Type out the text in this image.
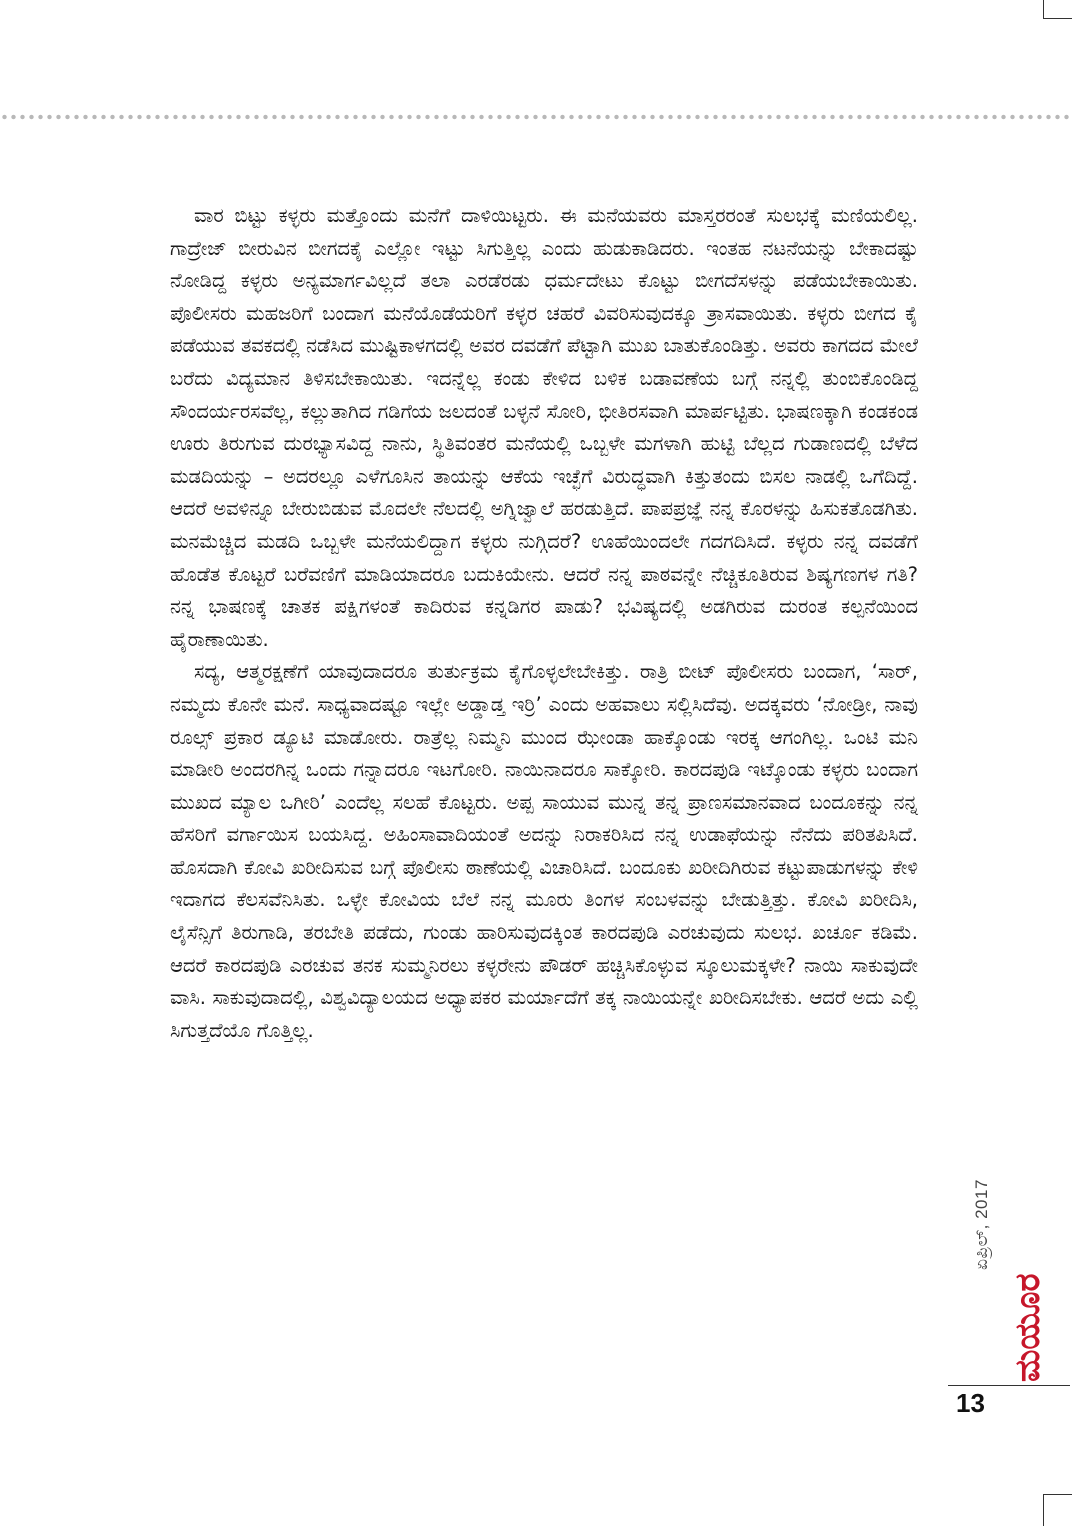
ವಾರ ಬಿಟ್ಟು ಕಳ್ಳರು ಮತ್ತೊಂದು ಮನೆಗೆ ದಾಳಿಯಿಟ್ಟರು. ಈ ಮನೆಯವರು ಮಾಸ್ತರರಂತೆ ಸುಲಭಕ್ಕೆ ಮಣಿಯಲಿಲ್ಲ. ಗಾದ್ರೇಜ್ ಬೀರುವಿನ ಬೀಗದಕೈ ಎಲ್ಲೋ ಇಟ್ಟು ಸಿಗುತ್ತಿಲ್ಲ ಎಂದು ಹುಡುಕಾಡಿದರು. ಇಂತಹ ನಟನೆಯನ್ನು ಬೇಕಾದಷ್ಟು ನೋಡಿದ್ದ ಕಳ್ಳರು ಅನ್ಯಮಾರ್ಗವಿಲ್ಲದೆ ತಲಾ ಎರಡೆರಡು ಧರ್ಮದೇಟು ಕೊಟ್ಟು ಬೀಗದೆಸಳನ್ನು ಪಡೆಯಬೇಕಾಯಿತು. ಪೊಲೀಸರು ಮಹಜರಿಗೆ ಬಂದಾಗ ಮನೆಯೊಡೆಯರಿಗೆ ಕಳ್ಳರ ಚಹರೆ ವಿವರಿಸುವುದಕ್ಕೂ ತ್ರಾಸವಾಯಿತು. ಕಳ್ಳರು ಬೀಗದ ಕೈ ಪಡೆಯುವ ತವಕದಲ್ಲಿ ನಡೆಸಿದ ಮುಷ್ಟಿಕಾಳಗದಲ್ಲಿ ಅವರ ದವಡೆಗೆ ಪೆಟ್ಟಾಗಿ ಮುಖ ಬಾತುಕೊಂಡಿತ್ತು. ಅವರು ಕಾಗದದ ಮೇಲೆ ಬರೆದು ವಿದ್ಯಮಾನ ತಿಳಿಸಬೇಕಾಯಿತು. ಇದನ್ನೆಲ್ಲ ಕಂಡು ಕೇಳಿದ ಬಳಿಕ ಬಡಾವಣೆಯ ಬಗ್ಗೆ ನನ್ನಲ್ಲಿ ತುಂಬಿಕೊಂಡಿದ್ದ ಸೌಂದರ್ಯರಸವೆಲ್ಲ, ಕಲ್ಲುತಾಗಿದ ಗಡಿಗೆಯ ಜಲದಂತೆ ಬಳ್ಳನೆ ಸೋರಿ, ಭೀತಿರಸವಾಗಿ ಮಾರ್ಪಟ್ಟಿತು. ಭಾಷಣಕ್ಕಾಗಿ ಕಂಡಕಂಡ ಊರು ತಿರುಗುವ ದುರಭ್ಯಾಸವಿದ್ದ ನಾನು, ಸ್ಥಿತಿವಂತರ ಮನೆಯಲ್ಲಿ ಒಬ್ಬಳೇ ಮಗಳಾಗಿ ಹುಟ್ಟಿ ಬೆಲ್ಲದ ಗುಡಾಣದಲ್ಲಿ ಬೆಳೆದ ಮಡದಿಯನ್ನು – ಅದರಲ್ಲೂ ಎಳೆಗೂಸಿನ ತಾಯನ್ನು ಆಕೆಯ ಇಚ್ಛೆಗೆ ವಿರುದ್ಧವಾಗಿ ಕಿತ್ತುತಂದು ಬಿಸಲ ನಾಡಲ್ಲಿ ಒಗೆದಿದ್ದೆ. ಆದರೆ ಅವಳಿನ್ನೂ ಬೇರುಬಿಡುವ ಮೊದಲೇ ನೆಲದಲ್ಲಿ ಅಗ್ನಿಜ್ವಾಲೆ ಹರಡುತ್ತಿದೆ. ಪಾಪಪ್ರಜ್ಞೆ ನನ್ನ ಕೊರಳನ್ನು ಹಿಸುಕತೊಡಗಿತು. ಮನಮೆಚ್ಚಿದ ಮಡದಿ ಒಬ್ಬಳೇ ಮನೆಯಲಿದ್ದಾಗ ಕಳ್ಳರು ನುಗ್ಗಿದರೆ? ಊಹೆಯಿಂದಲೇ ಗದಗದಿಸಿದೆ. ಕಳ್ಳರು ನನ್ನ ದವಡೆಗೆ ಹೊಡೆತ ಕೊಟ್ಟರೆ ಬರೆವಣಿಗೆ ಮಾಡಿಯಾದರೂ ಬದುಕಿಯೇನು. ಆದರೆ ನನ್ನ ಪಾಠವನ್ನೇ ನೆಚ್ಚಿಕೂತಿರುವ ಶಿಷ್ಯಗಣಗಳ ಗತಿ? ನನ್ನ ಭಾಷಣಕ್ಕೆ ಚಾತಕ ಪಕ್ಷಿಗಳಂತೆ ಕಾದಿರುವ ಕನ್ನಡಿಗರ ಪಾಡು? ಭವಿಷ್ಯದಲ್ಲಿ ಅಡಗಿರುವ ದುರಂತ ಕಲ್ಪನೆಯಿಂದ ಹೈರಾಣಾಯಿತು.

ಸದ್ಯ, ಆತ್ಮರಕ್ಷಣೆಗೆ ಯಾವುದಾದರೂ ತುರ್ತುಕ್ರಮ ಕೈಗೊಳ್ಳಲೇಬೇಕಿತ್ತು. ರಾತ್ರಿ ಬೀಟ್ ಪೊಲೀಸರು ಬಂದಾಗ, ‘ಸಾರ್, ನಮ್ಮದು ಕೊನೇ ಮನೆ. ಸಾಧ್ಯವಾದಷ್ಟೂ ಇಲ್ಲೇ ಅಡ್ಡಾಡ್ತ ಇರ್ರಿ’ ಎಂದು ಅಹವಾಲು ಸಲ್ಲಿಸಿದೆವು. ಅದಕ್ಕವರು ‘ನೋಡ್ರೀ, ನಾವು ರೂಲ್ಸ್ ಪ್ರಕಾರ ಡ್ಯೂಟಿ ಮಾಡೋರು. ರಾತ್ರೆಲ್ಲ ನಿಮ್ಮನಿ ಮುಂದ ಝೇಂಡಾ ಹಾಕ್ಕೊಂಡು ಇರಕ್ಕ ಆಗಂಗಿಲ್ಲ. ಒಂಟಿ ಮನಿ ಮಾಡೀರಿ ಅಂದರಗಿನ್ನ ಒಂದು ಗನ್ನಾದರೂ ಇಟಗೋರಿ. ನಾಯಿನಾದರೂ ಸಾಕ್ಕೋರಿ. ಕಾರದಪುಡಿ ಇಟ್ಕೊಂಡು ಕಳ್ಳರು ಬಂದಾಗ ಮುಖದ ಮ್ಯಾಲ ಒಗೀರಿ’ ಎಂದೆಲ್ಲ ಸಲಹೆ ಕೊಟ್ಟರು. ಅಪ್ಪ ಸಾಯುವ ಮುನ್ನ ತನ್ನ ಪ್ರಾಣಸಮಾನವಾದ ಬಂದೂಕನ್ನು ನನ್ನ ಹೆಸರಿಗೆ ವರ್ಗಾಯಿಸ ಬಯಸಿದ್ದ. ಅಹಿಂಸಾವಾದಿಯಂತೆ ಅದನ್ನು ನಿರಾಕರಿಸಿದ ನನ್ನ ಉಡಾಫೆಯನ್ನು ನೆನೆದು ಪರಿತಪಿಸಿದೆ. ಹೊಸದಾಗಿ ಕೋವಿ ಖರೀದಿಸುವ ಬಗ್ಗೆ ಪೊಲೀಸು ಠಾಣೆಯಲ್ಲಿ ವಿಚಾರಿಸಿದೆ. ಬಂದೂಕು ಖರೀದಿಗಿರುವ ಕಟ್ಟುಪಾಡುಗಳನ್ನು ಕೇಳಿ ಇದಾಗದ ಕೆಲಸವೆನಿಸಿತು. ಒಳ್ಳೇ ಕೋವಿಯ ಬೆಲೆ ನನ್ನ ಮೂರು ತಿಂಗಳ ಸಂಬಳವನ್ನು ಬೇಡುತ್ತಿತ್ತು. ಕೋವಿ ಖರೀದಿಸಿ, ಲೈಸೆನ್ಸಿಗೆ ತಿರುಗಾಡಿ, ತರಬೇತಿ ಪಡೆದು, ಗುಂಡು ಹಾರಿಸುವುದಕ್ಕಿಂತ ಕಾರದಪುಡಿ ಎರಚುವುದು ಸುಲಭ. ಖರ್ಚೂ ಕಡಿಮೆ. ಆದರೆ ಕಾರದಪುಡಿ ಎರಚುವ ತನಕ ಸುಮ್ಮನಿರಲು ಕಳ್ಳರೇನು ಪೌಡರ್ ಹಚ್ಚಿಸಿಕೊಳ್ಳುವ ಸ್ಕೂಲುಮಕ್ಕಳೇ? ನಾಯಿ ಸಾಕುವುದೇ ವಾಸಿ. ಸಾಕುವುದಾದಲ್ಲಿ, ವಿಶ್ವವಿದ್ಯಾಲಯದ ಅಧ್ಯಾಪಕರ ಮರ್ಯಾದೆಗೆ ತಕ್ಕ ನಾಯಿಯನ್ನೇ ಖರೀದಿಸಬೇಕು. ಆದರೆ ಅದು ಎಲ್ಲಿ ಸಿಗುತ್ತದೆಯೊ ಗೊತ್ತಿಲ್ಲ.

ಏಪ್ರಿಲ್, 2017
ಮಯೂರ
13
